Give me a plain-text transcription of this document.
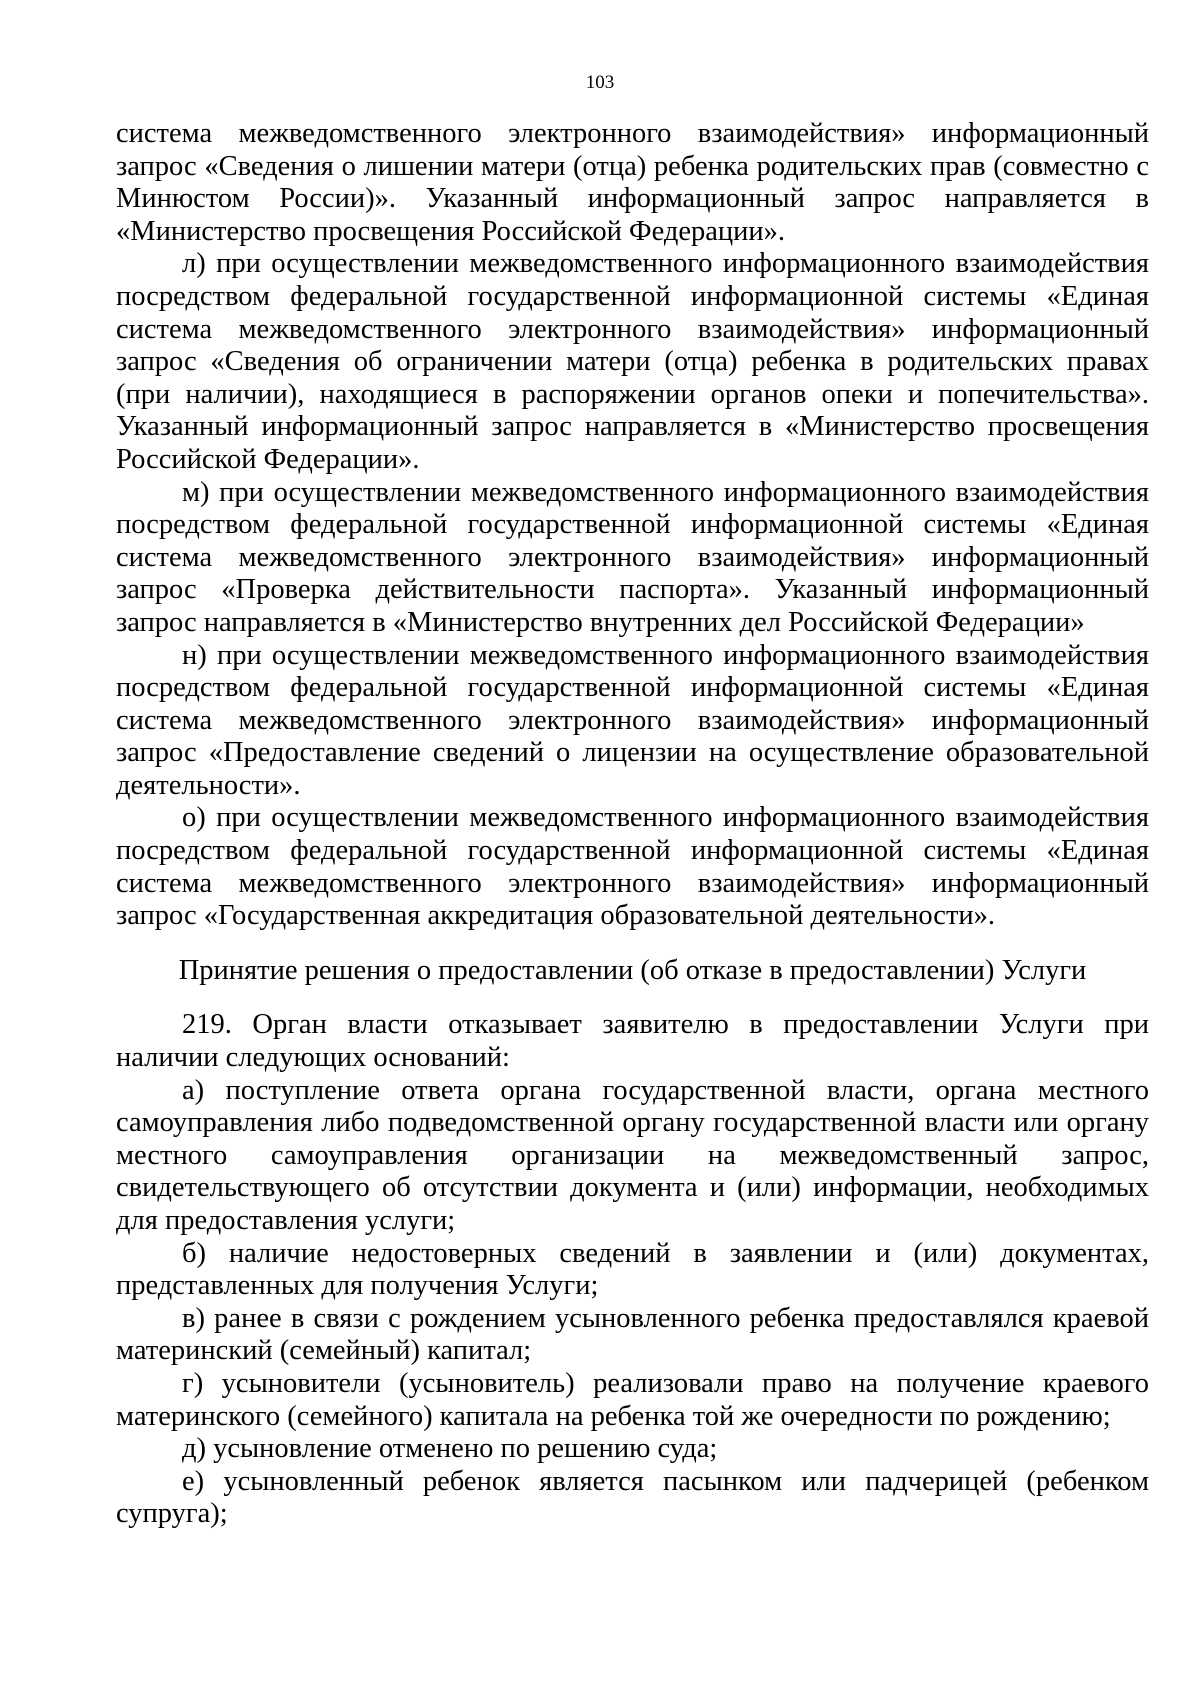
103

система межведомственного электронного взаимодействия» информационный запрос «Сведения о лишении матери (отца) ребенка родительских прав (совместно с Минюстом России)». Указанный информационный запрос направляется в «Министерство просвещения Российской Федерации».

л) при осуществлении межведомственного информационного взаимодействия посредством федеральной государственной информационной системы «Единая система межведомственного электронного взаимодействия» информационный запрос «Сведения об ограничении матери (отца) ребенка в родительских правах (при наличии), находящиеся в распоряжении органов опеки и попечительства». Указанный информационный запрос направляется в «Министерство просвещения Российской Федерации».

м) при осуществлении межведомственного информационного взаимодействия посредством федеральной государственной информационной системы «Единая система межведомственного электронного взаимодействия» информационный запрос «Проверка действительности паспорта». Указанный информационный запрос направляется в «Министерство внутренних дел Российской Федерации»

н) при осуществлении межведомственного информационного взаимодействия посредством федеральной государственной информационной системы «Единая система межведомственного электронного взаимодействия» информационный запрос «Предоставление сведений о лицензии на осуществление образовательной деятельности».

о) при осуществлении межведомственного информационного взаимодействия посредством федеральной государственной информационной системы «Единая система межведомственного электронного взаимодействия» информационный запрос «Государственная аккредитация образовательной деятельности».

Принятие решения о предоставлении (об отказе в предоставлении) Услуги

219. Орган власти отказывает заявителю в предоставлении Услуги при наличии следующих оснований:

а) поступление ответа органа государственной власти, органа местного самоуправления либо подведомственной органу государственной власти или органу местного самоуправления организации на межведомственный запрос, свидетельствующего об отсутствии документа и (или) информации, необходимых для предоставления услуги;

б) наличие недостоверных сведений в заявлении и (или) документах, представленных для получения Услуги;

в) ранее в связи с рождением усыновленного ребенка предоставлялся краевой материнский (семейный) капитал;

г) усыновители (усыновитель) реализовали право на получение краевого материнского (семейного) капитала на ребенка той же очередности по рождению;

д) усыновление отменено по решению суда;

е) усыновленный ребенок является пасынком или падчерицей (ребенком супруга);
